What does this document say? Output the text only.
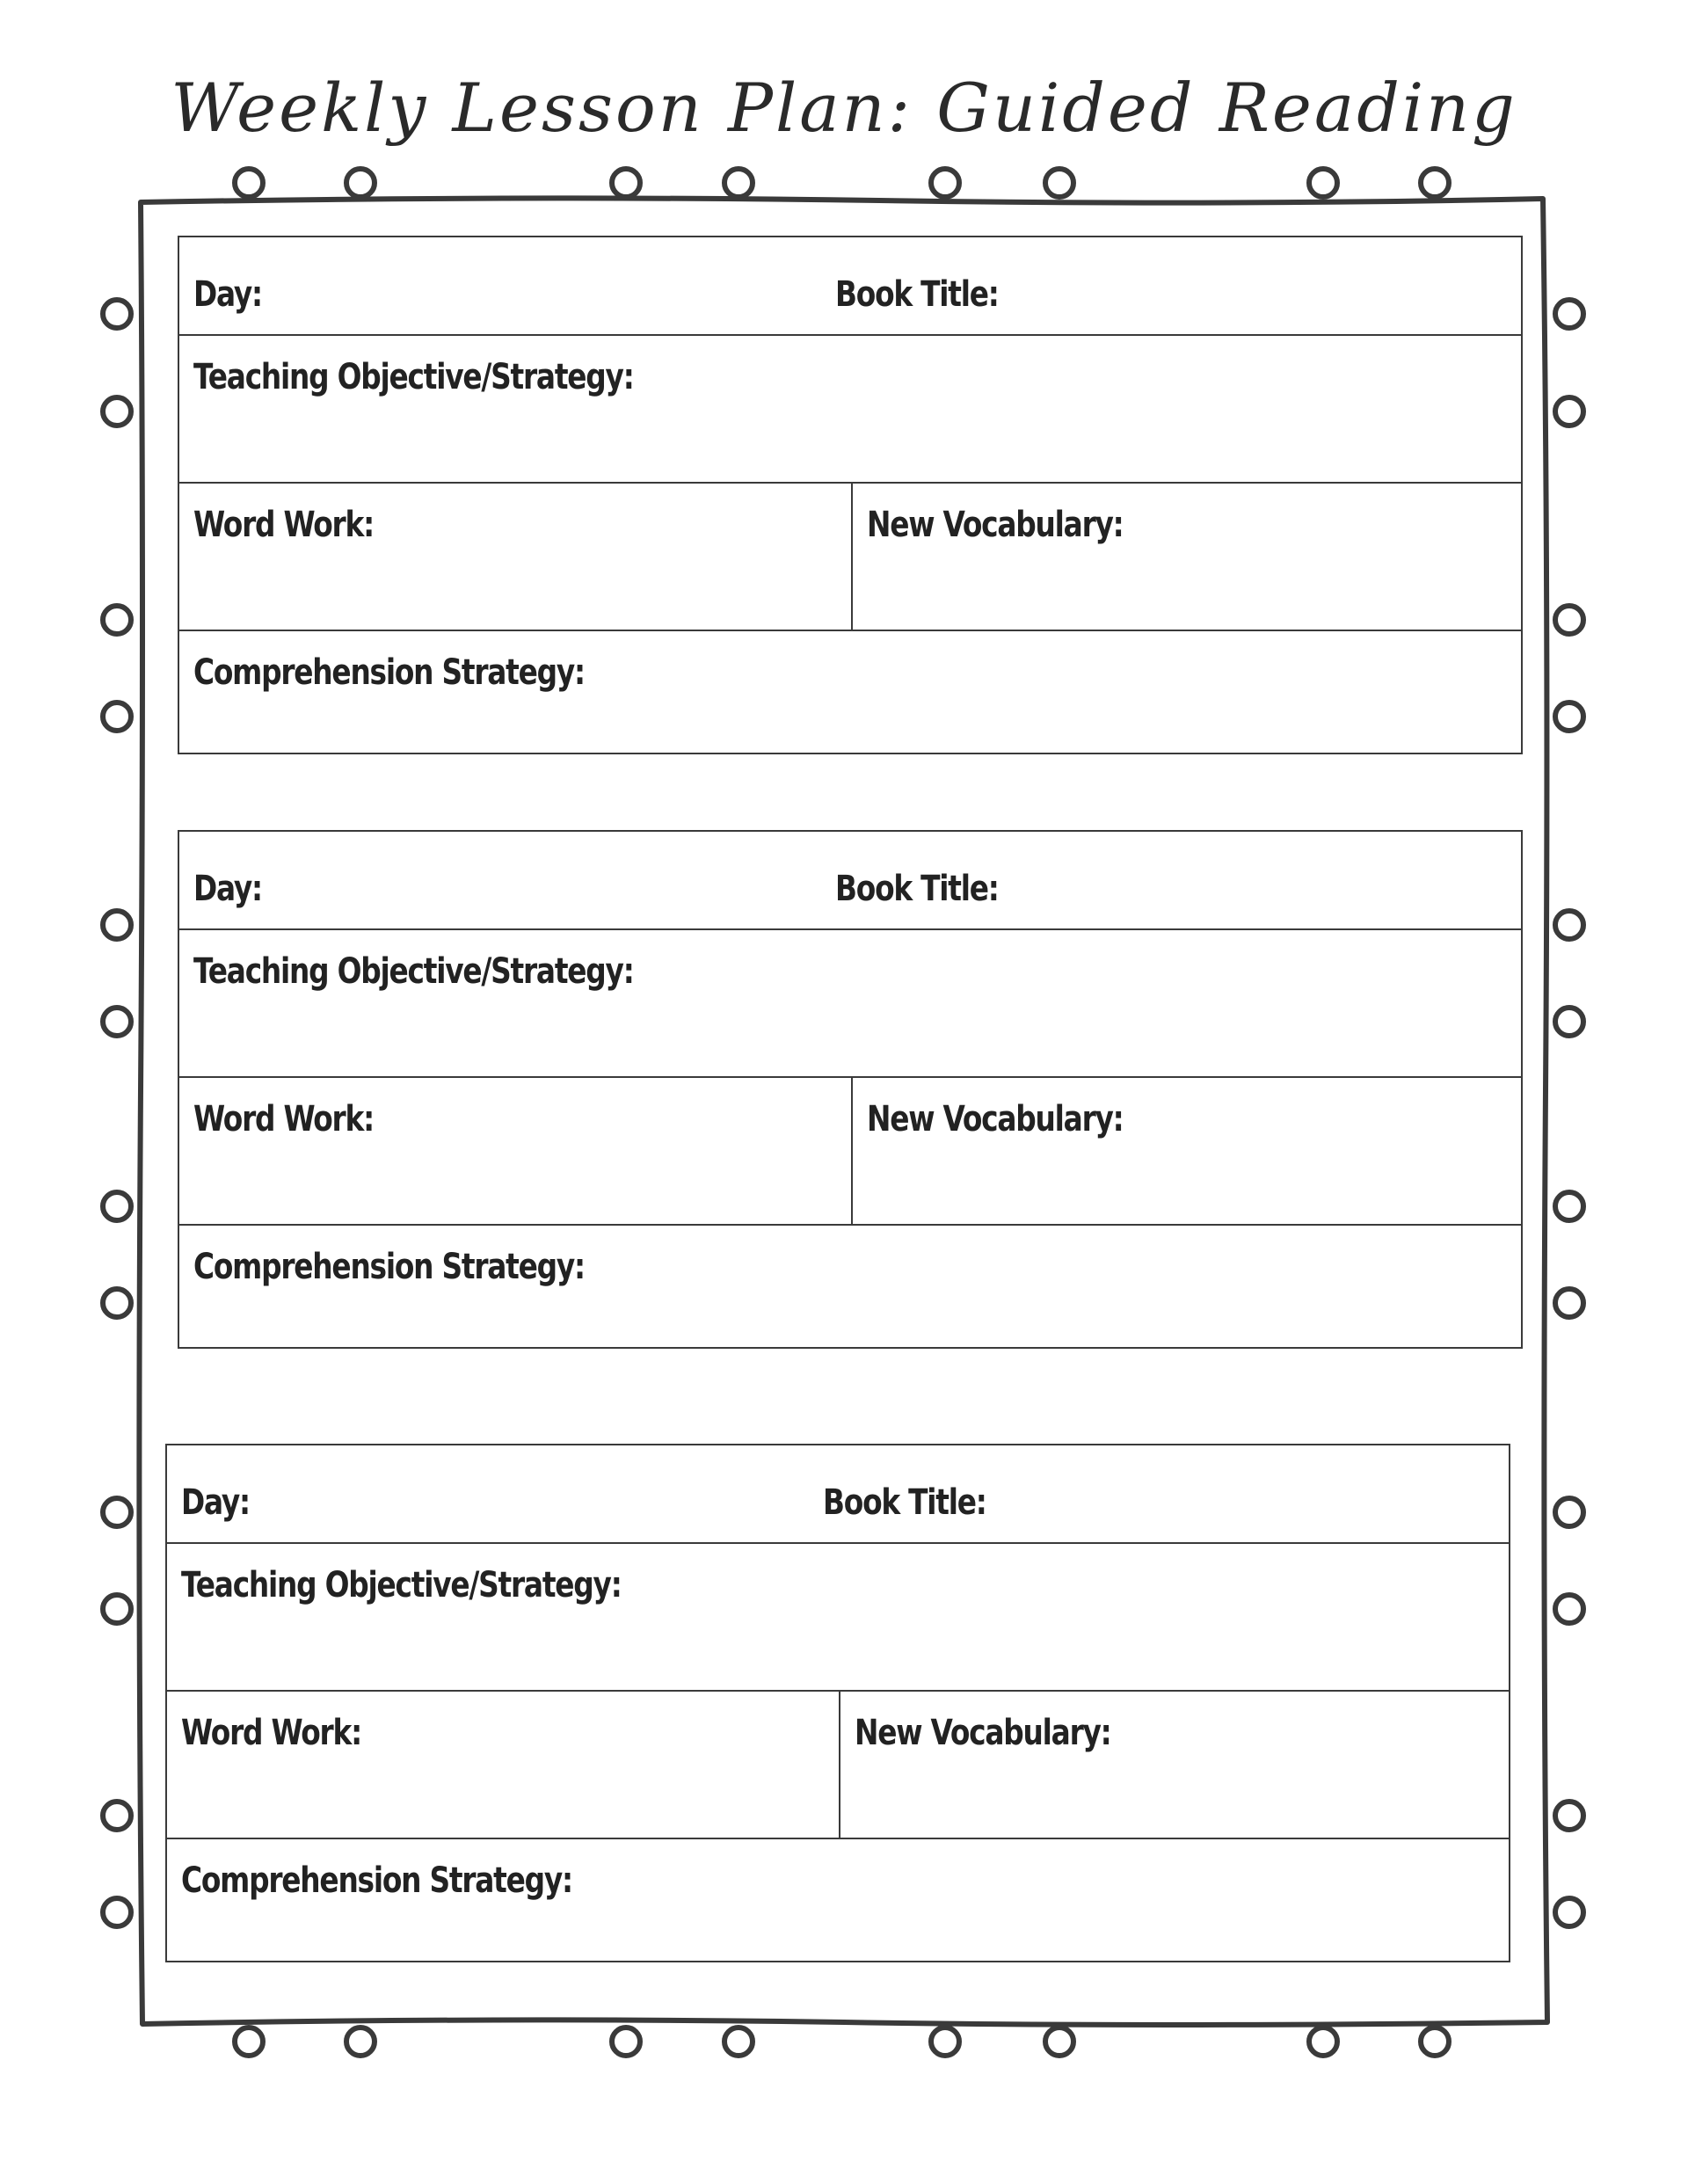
Weekly Lesson Plan: Guided Reading
Day:	Book Title:
Teaching Objective/Strategy:
Word Work:	New Vocabulary:
Comprehension Strategy:
Day:	Book Title:
Teaching Objective/Strategy:
Word Work:	New Vocabulary:
Comprehension Strategy:
Day:	Book Title:
Teaching Objective/Strategy:
Word Work:	New Vocabulary:
Comprehension Strategy:
